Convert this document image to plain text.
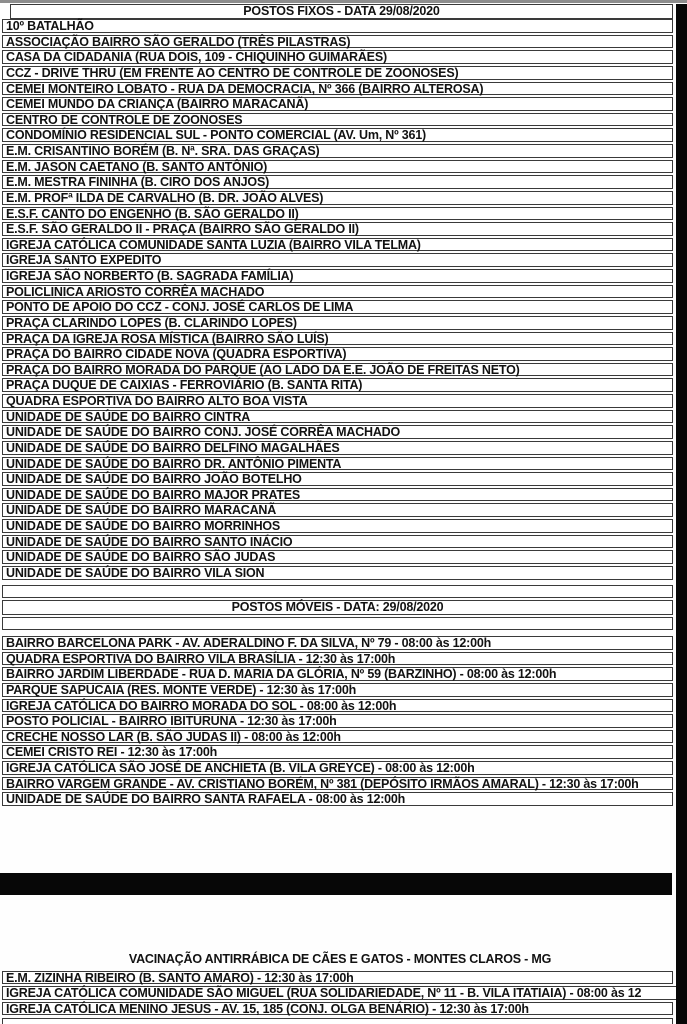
POSTOS FIXOS - DATA 29/08/2020
10º BATALHÃO
ASSOCIAÇÃO BAIRRO SÃO GERALDO (TRÊS PILASTRAS)
CASA DA CIDADANIA (RUA DOIS, 109 - CHIQUINHO GUIMARÃES)
CCZ - DRIVE THRU (EM FRENTE AO CENTRO DE CONTROLE DE ZOONOSES)
CEMEI MONTEIRO LOBATO - RUA DA DEMOCRACIA, Nº 366 (BAIRRO ALTEROSA)
CEMEI MUNDO DA CRIANÇA (BAIRRO MARACANÃ)
CENTRO DE CONTROLE DE ZOONOSES
CONDOMÍNIO RESIDENCIAL SUL - PONTO COMERCIAL (AV. Um, Nº 361)
E.M. CRISANTINO BORÉM (B. Nª. SRA. DAS GRAÇAS)
E.M. JASON CAETANO (B. SANTO ANTÔNIO)
E.M. MESTRA FININHA (B. CIRO DOS ANJOS)
E.M. PROFª ILDA DE CARVALHO (B. DR. JOÃO ALVES)
E.S.F. CANTO DO ENGENHO (B. SÃO GERALDO II)
E.S.F. SÃO GERALDO II - PRAÇA (BAIRRO SÃO GERALDO II)
IGREJA CATÓLICA COMUNIDADE SANTA LUZIA (BAIRRO VILA TELMA)
IGREJA SANTO EXPEDITO
IGREJA SÃO NORBERTO (B. SAGRADA FAMÍLIA)
POLICLINICA ARIOSTO CORRÊA MACHADO
PONTO DE APOIO DO CCZ - CONJ. JOSÉ CARLOS DE LIMA
PRAÇA CLARINDO LOPES (B. CLARINDO LOPES)
PRAÇA DA IGREJA ROSA MÍSTICA (BAIRRO SÃO LUÍS)
PRAÇA DO BAIRRO CIDADE NOVA (QUADRA ESPORTIVA)
PRAÇA DO BAIRRO MORADA DO PARQUE (AO LADO DA E.E. JOÃO DE FREITAS NETO)
PRAÇA DUQUE DE CAIXIAS - FERROVIÁRIO (B. SANTA RITA)
QUADRA ESPORTIVA DO BAIRRO ALTO BOA VISTA
UNIDADE DE SAÚDE DO BAIRRO CINTRA
UNIDADE DE SAÚDE DO BAIRRO CONJ. JOSÉ CORRÊA MACHADO
UNIDADE DE SAÚDE DO BAIRRO DELFINO MAGALHÃES
UNIDADE DE SAÚDE DO BAIRRO DR. ANTÔNIO PIMENTA
UNIDADE DE SAÚDE DO BAIRRO JOÃO BOTELHO
UNIDADE DE SAÚDE DO BAIRRO MAJOR PRATES
UNIDADE DE SAÚDE DO BAIRRO MARACANÃ
UNIDADE DE SAÚDE DO BAIRRO MORRINHOS
UNIDADE DE SAÚDE DO BAIRRO SANTO INÁCIO
UNIDADE DE SAÚDE DO BAIRRO SÃO JUDAS
UNIDADE DE SAÚDE DO BAIRRO VILA SION
POSTOS MÓVEIS - DATA: 29/08/2020
BAIRRO BARCELONA PARK - AV. ADERALDINO F. DA SILVA, Nº 79 - 08:00 às 12:00h
QUADRA ESPORTIVA DO BAIRRO VILA BRASÍLIA - 12:30 às 17:00h
BAIRRO JARDIM LIBERDADE - RUA D. MARIA DA GLÓRIA, Nº 59 (BARZINHO) - 08:00 às 12:00h
PARQUE SAPUCAIA (RES. MONTE VERDE) - 12:30 às 17:00h
IGREJA CATÓLICA DO BAIRRO MORADA DO SOL - 08:00 às 12:00h
POSTO POLICIAL - BAIRRO IBITURUNA - 12:30 às 17:00h
CRECHE NOSSO LAR (B. SÃO JUDAS II) - 08:00 às 12:00h
CEMEI CRISTO REI - 12:30 às 17:00h
IGREJA CATÓLICA SÃO JOSÉ DE ANCHIETA (B. VILA GREYCE) - 08:00 às 12:00h
BAIRRO VARGEM GRANDE - AV. CRISTIANO BORÉM, Nº 381 (DEPÓSITO IRMÃOS AMARAL) - 12:30 às 17:00h
UNIDADE DE SAÚDE DO BAIRRO SANTA RAFAELA - 08:00 às 12:00h
VACINAÇÃO ANTIRRÁBICA DE CÃES E GATOS - MONTES CLAROS - MG
E.M. ZIZINHA RIBEIRO (B. SANTO AMARO) - 12:30 às 17:00h
IGREJA CATÓLICA COMUNIDADE SÃO MIGUEL (RUA SOLIDARIEDADE, Nº 11 - B. VILA ITATIAIA) - 08:00 às 12
IGREJA CATÓLICA MENINO JESUS - AV. 15, 185 (CONJ. OLGA BENÁRIO) - 12:30 às 17:00h
